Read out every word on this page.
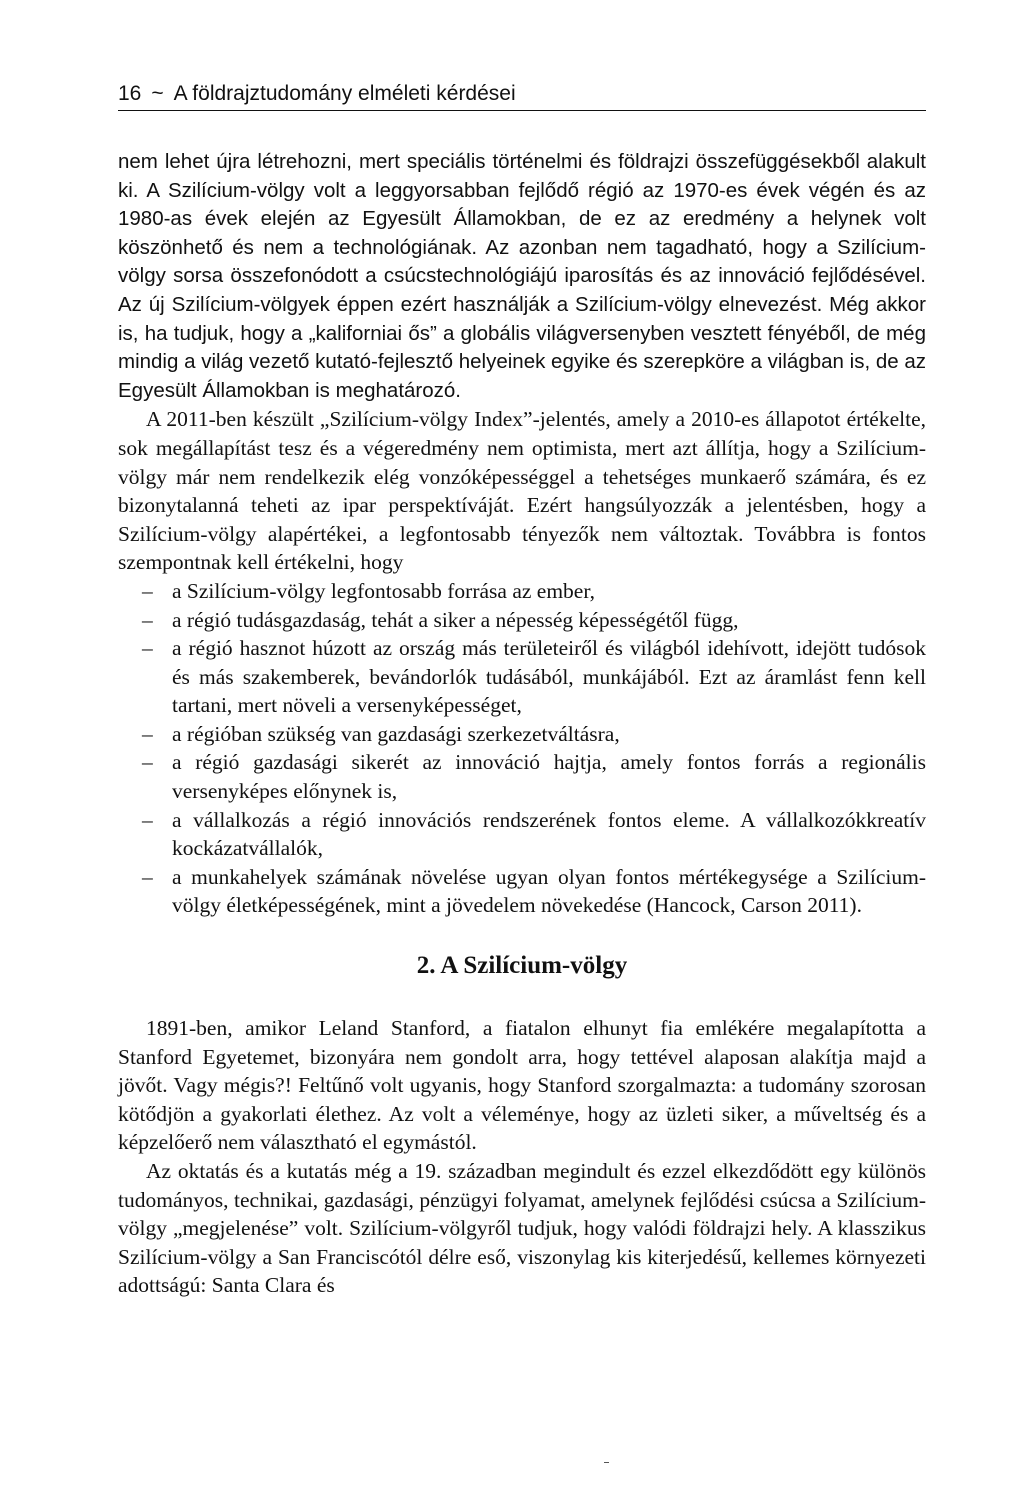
16 ~ A földrajztudomány elméleti kérdései

nem lehet újra létrehozni, mert speciális történelmi és földrajzi összefüggésekből alakult ki. A Szilícium-völgy volt a leggyorsabban fejlődő régió az 1970-es évek végén és az 1980-as évek elején az Egyesült Államokban, de ez az eredmény a helynek volt köszönhető és nem a technológiának. Az azonban nem tagadható, hogy a Szilícium-völgy sorsa összefonódott a csúcstechnológiájú iparosítás és az innováció fejlődésével. Az új Szilícium-völgyek éppen ezért használják a Szilícium-völgy elnevezést. Még akkor is, ha tudjuk, hogy a „kaliforniai ős” a globális világversenyben vesztett fényéből, de még mindig a világ vezető kutató-fejlesztő helyeinek egyike és szerepköre a világban is, de az Egyesült Államokban is meghatározó.

A 2011-ben készült „Szilícium-völgy Index”-jelentés, amely a 2010-es állapotot értékelte, sok megállapítást tesz és a végeredmény nem optimista, mert azt állítja, hogy a Szilícium-völgy már nem rendelkezik elég vonzóképességgel a tehetséges munkaerő számára, és ez bizonytalanná teheti az ipar perspektíváját. Ezért hangsúlyozzák a jelentésben, hogy a Szilícium-völgy alapértékei, a legfontosabb tényezők nem változtak. Továbbra is fontos szempontnak kell értékelni, hogy

– a Szilícium-völgy legfontosabb forrása az ember,
– a régió tudásgazdaság, tehát a siker a népesség képességétől függ,
– a régió hasznot húzott az ország más területeiről és világból idehívott, idejött tudósok és más szakemberek, bevándorlók tudásából, munkájából. Ezt az áramlást fenn kell tartani, mert növeli a versenyképességet,
– a régióban szükség van gazdasági szerkezetváltásra,
– a régió gazdasági sikerét az innováció hajtja, amely fontos forrás a regionális versenyképes előnynek is,
– a vállalkozás a régió innovációs rendszerének fontos eleme. A vállalkozókkreatív kockázatvállalók,
– a munkahelyek számának növelése ugyan olyan fontos mértékegysége a Szilícium-völgy életképességének, mint a jövedelem növekedése (Hancock, Carson 2011).
2. A Szilícium-völgy

1891-ben, amikor Leland Stanford, a fiatalon elhunyt fia emlékére megalapította a Stanford Egyetemet, bizonyára nem gondolt arra, hogy tettével alaposan alakítja majd a jövőt. Vagy mégis?! Feltűnő volt ugyanis, hogy Stanford szorgalmazta: a tudomány szorosan kötődjön a gyakorlati élethez. Az volt a véleménye, hogy az üzleti siker, a műveltség és a képzelőerő nem választható el egymástól.

Az oktatás és a kutatás még a 19. században megindult és ezzel elkezdődött egy különös tudományos, technikai, gazdasági, pénzügyi folyamat, amelynek fejlődési csúcsa a Szilícium-völgy „megjelenése” volt. Szilícium-völgyről tudjuk, hogy valódi földrajzi hely. A klasszikus Szilícium-völgy a San Franciscótól délre eső, viszonylag kis kiterjedésű, kellemes környezeti adottságú: Santa Clara és
